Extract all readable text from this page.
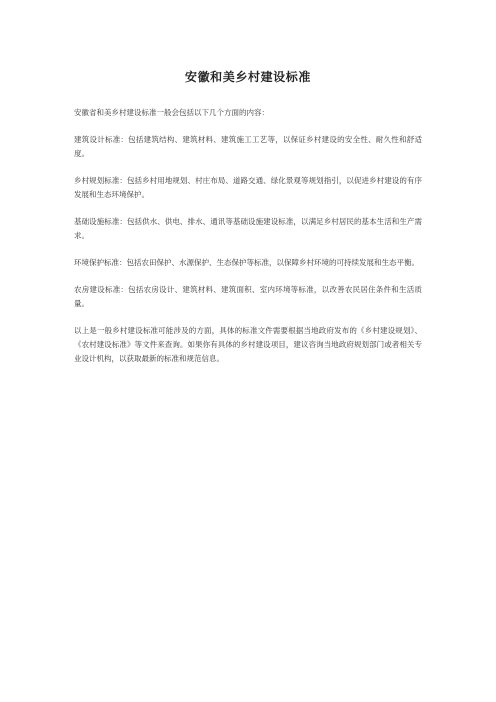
安徽和美乡村建设标准

安徽省和美乡村建设标准一般会包括以下几个方面的内容：

建筑设计标准：包括建筑结构、建筑材料、建筑施工工艺等，以保证乡村建设的安全性、耐久性和舒适度。

乡村规划标准：包括乡村用地规划、村庄布局、道路交通、绿化景观等规划指引，以促进乡村建设的有序发展和生态环境保护。

基础设施标准：包括供水、供电、排水、通讯等基础设施建设标准，以满足乡村居民的基本生活和生产需求。

环境保护标准：包括农田保护、水源保护、生态保护等标准，以保障乡村环境的可持续发展和生态平衡。

农房建设标准：包括农房设计、建筑材料、建筑面积、室内环境等标准，以改善农民居住条件和生活质量。

以上是一般乡村建设标准可能涉及的方面，具体的标准文件需要根据当地政府发布的《乡村建设规划》、《农村建设标准》等文件来查询。如果你有具体的乡村建设项目，建议咨询当地政府规划部门或者相关专业设计机构，以获取最新的标准和规范信息。
